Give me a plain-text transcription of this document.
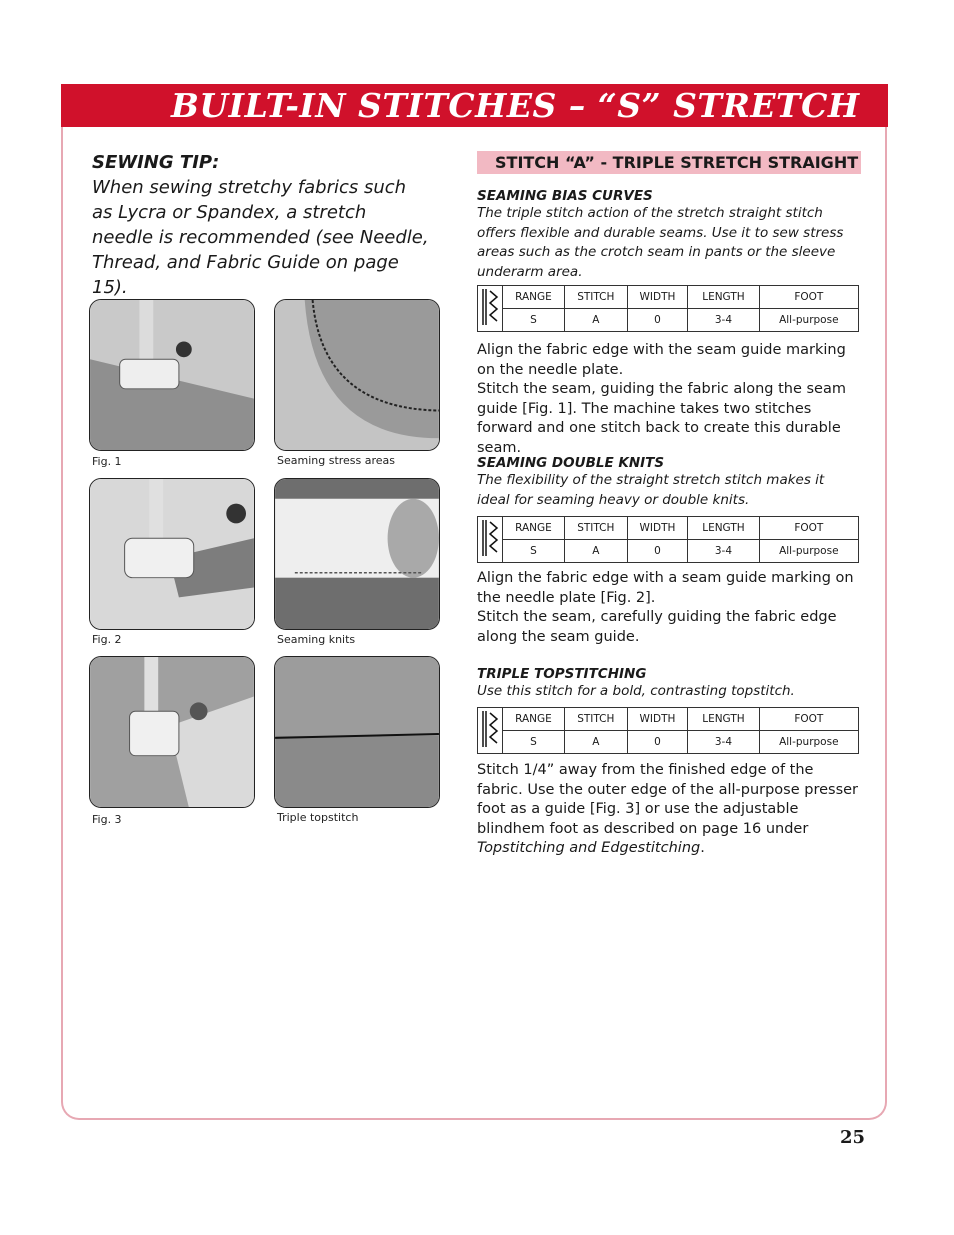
BUILT-IN STITCHES – “S” STRETCH RANGE
SEWING TIP:
When sewing stretchy fabrics such as Lycra or Spandex, a stretch needle is recommended (see Needle, Thread, and Fabric Guide on page 15).
Fig. 1	Seaming stress areas
Fig. 2	Seaming knits
Fig. 3	Triple topstitch
STITCH “A” - TRIPLE STRETCH STRAIGHT
SEAMING BIAS CURVES
The triple stitch action of the stretch straight stitch offers flexible and durable seams. Use it to sew stress areas such as the crotch seam in pants or the sleeve underarm area.
	RANGE	STITCH	WIDTH	LENGTH	FOOT
	S	A	0	3-4	All-purpose

Align the fabric edge with the seam guide marking on the needle plate.

Stitch the seam, guiding the fabric along the seam guide [Fig. 1]. The machine takes two stitches forward and one stitch back to create this durable seam.

SEAMING DOUBLE KNITS
The flexibility of the straight stretch stitch makes it ideal for seaming heavy or double knits.
	RANGE	STITCH	WIDTH	LENGTH	FOOT
	S	A	0	3-4	All-purpose

Align the fabric edge with a seam guide marking on the needle plate [Fig. 2].

Stitch the seam, carefully guiding the fabric edge along the seam guide.

TRIPLE TOPSTITCHING
Use this stitch for a bold, contrasting topstitch.
	RANGE	STITCH	WIDTH	LENGTH	FOOT
	S	A	0	3-4	All-purpose

Stitch 1/4” away from the finished edge of the fabric. Use the outer edge of the all-purpose presser foot as a guide [Fig. 3] or use the adjustable blindhem foot as described on page 16 under Topstitching and Edgestitching.

25
